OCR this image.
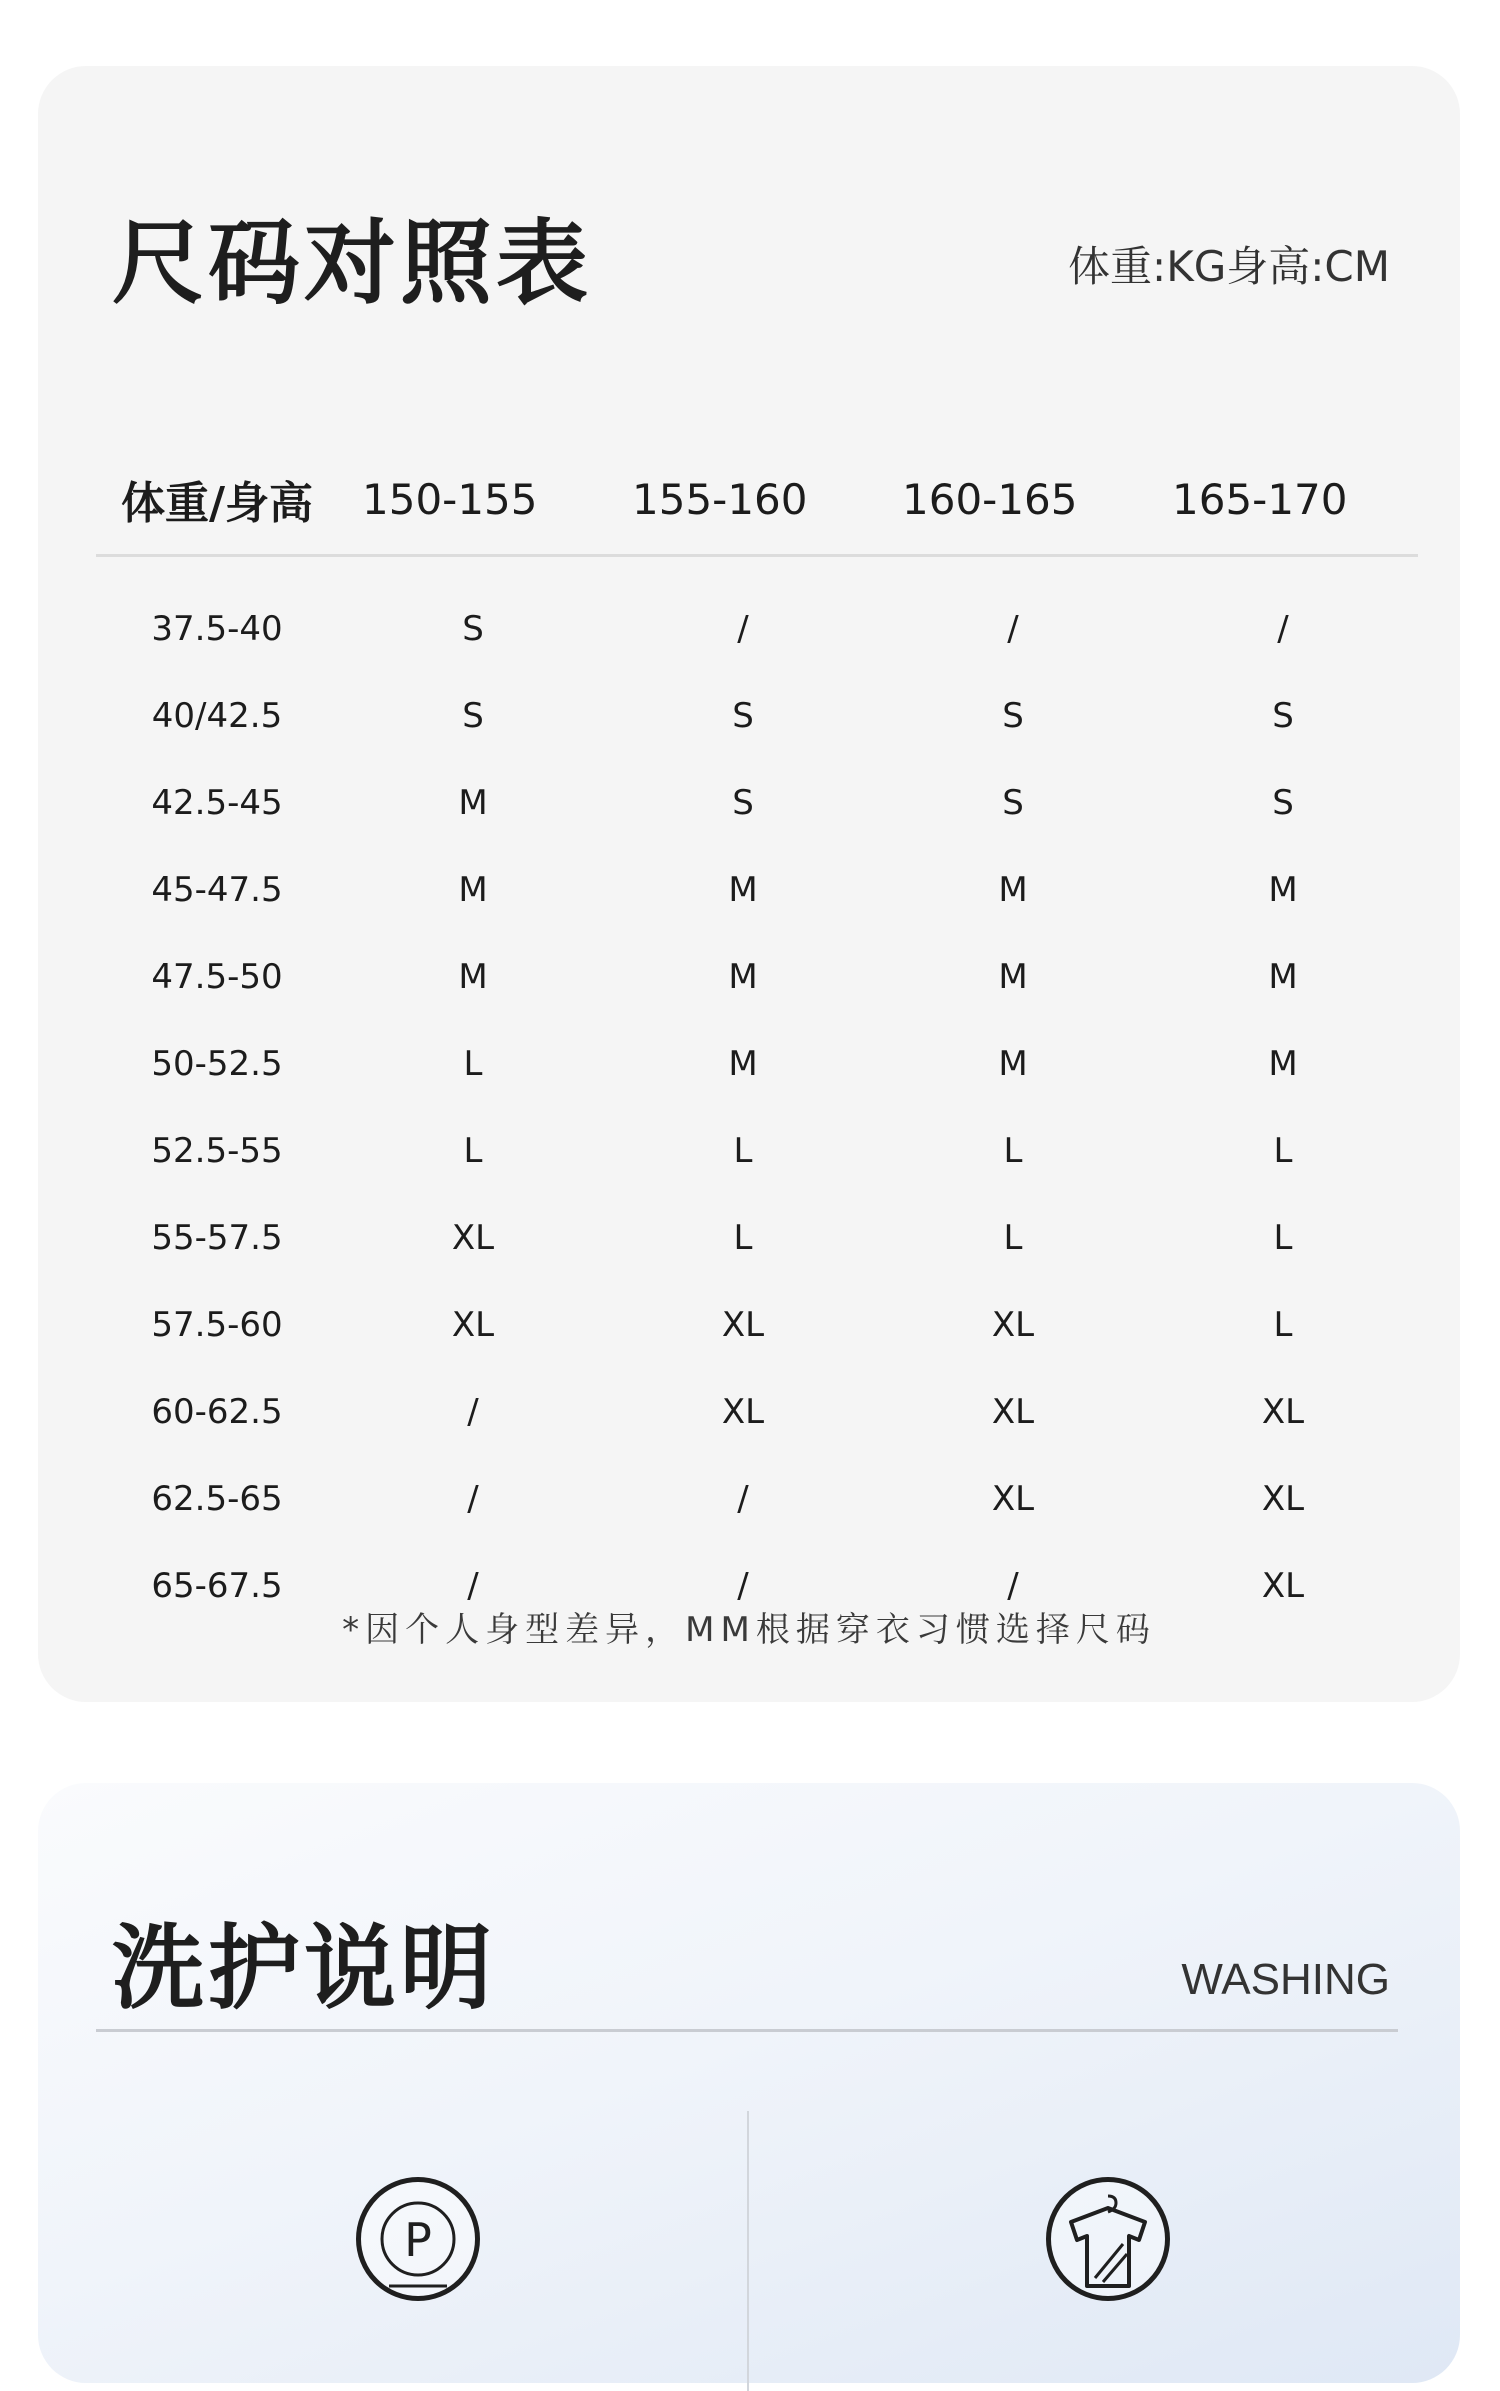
尺码对照表	体重:KG身高:CM
体重/身高	150-155	155-160	160-165	165-170

37.5-40	S	/	/	/
40/42.5	S	S	S	S
42.5-45	M	S	S	S
45-47.5	M	M	M	M
47.5-50	M	M	M	M
50-52.5	L	M	M	M
52.5-55	L	L	L	L
55-57.5	XL	L	L	L
57.5-60	XL	XL	XL	L
60-62.5	/	XL	XL	XL
62.5-65	/	/	XL	XL
65-67.5	/	/	/	XL
*因个人身型差异，MM根据穿衣习惯选择尺码
洗护说明	WASHING
P
